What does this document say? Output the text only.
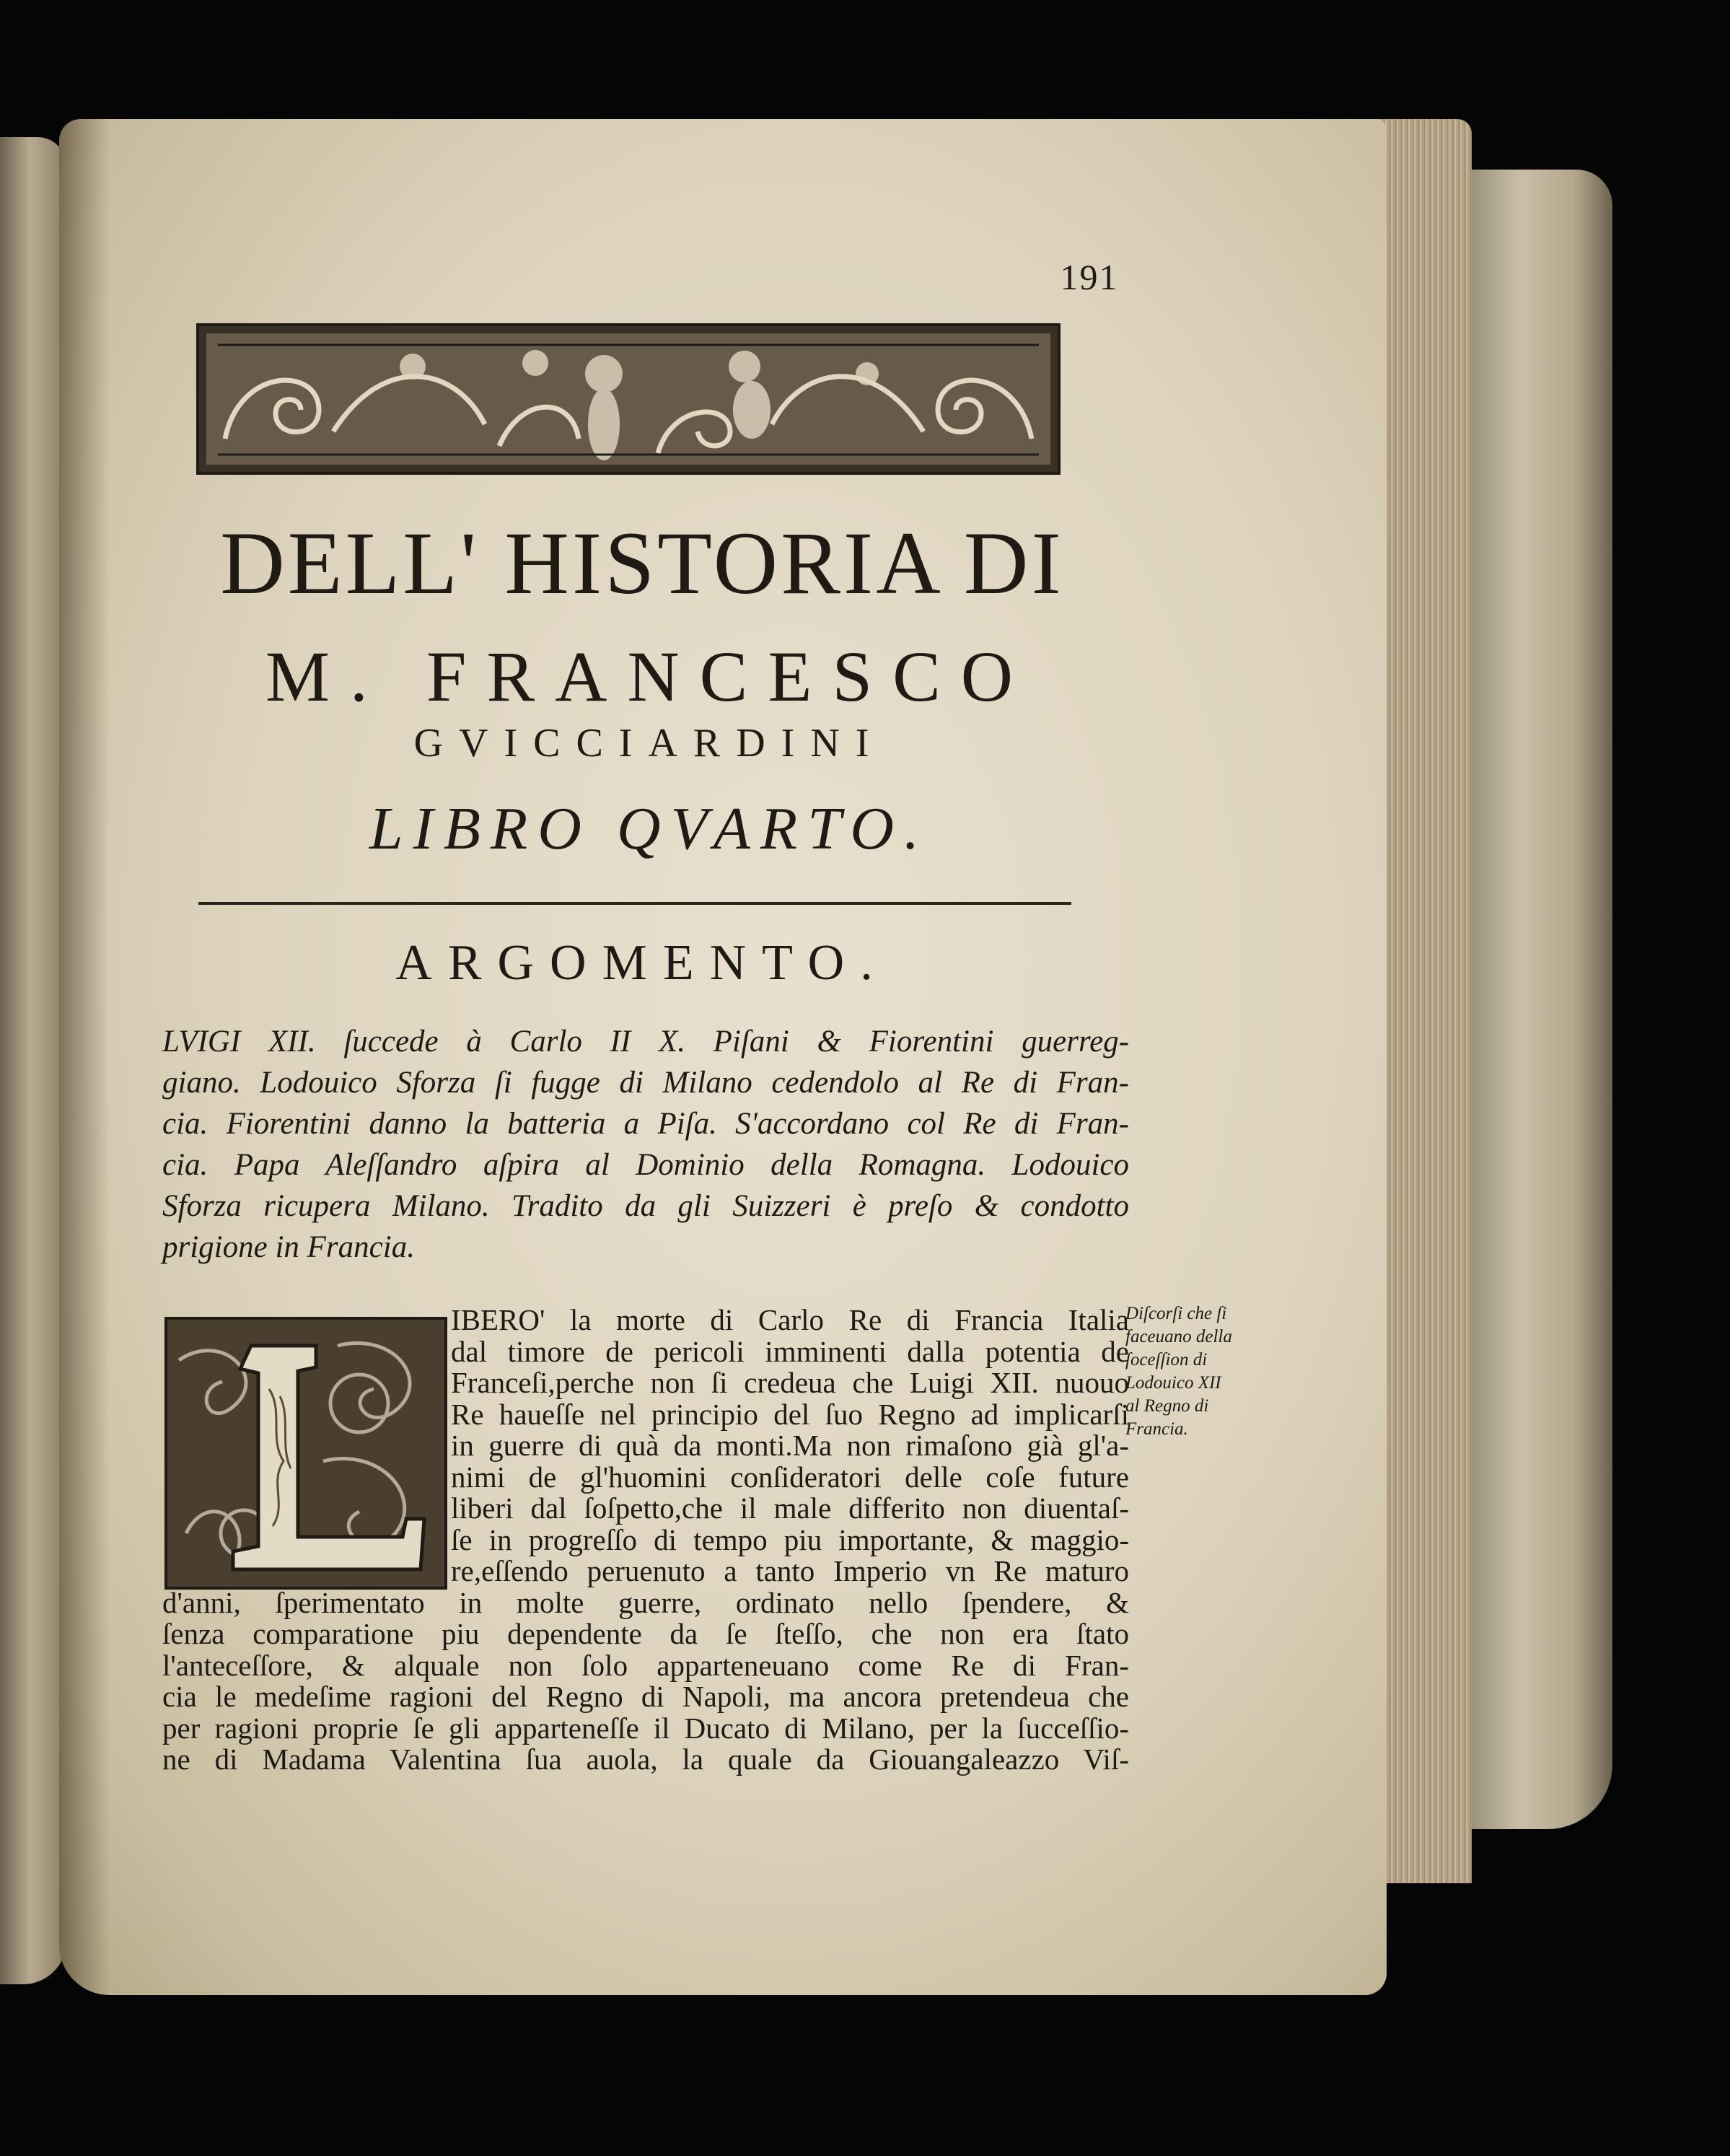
191
DELL' HISTORIA DI
M. FRANCESCO
GVICCIARDINI
LIBRO QVARTO.
ARGOMENTO.
LVIGI XII. ſuccede à Carlo II X. Piſani & Fiorentini guerreg-
giano. Lodouico Sforza ſi fugge di Milano cedendolo al Re di Fran-
cia. Fiorentini danno la batteria a Piſa. S'accordano col Re di Fran-
cia. Papa Aleſſandro aſpira al Dominio della Romagna. Lodouico
Sforza ricupera Milano. Tradito da gli Suizzeri è preſo & condotto
prigione in Francia.
IBERO' la morte di Carlo Re di Francia Italia
dal timore de pericoli imminenti dalla potentia de
Franceſi,perche non ſi credeua che Luigi XII. nuouo
Re haueſſe nel principio del ſuo Regno ad implicarſi
in guerre di quà da monti.Ma non rimaſono già gl'a-
nimi de gl'huomini conſideratori delle coſe future
liberi dal ſoſpetto,che il male differito non diuentaſ-
ſe in progreſſo di tempo piu importante, & maggio-
re,eſſendo peruenuto a tanto Imperio vn Re maturo
d'anni, ſperimentato in molte guerre, ordinato nello ſpendere, &
ſenza comparatione piu dependente da ſe ſteſſo, che non era ſtato
l'anteceſſore, & alquale non ſolo apparteneuano come Re di Fran-
cia le medeſime ragioni del Regno di Napoli, ma ancora pretendeua che
per ragioni proprie ſe gli apparteneſſe il Ducato di Milano, per la ſucceſſio-
ne di Madama Valentina ſua auola, la quale da Giouangaleazzo Viſ-
Diſcorſi che ſi
faceuano della
ſoceſſion di
Lodouico XII
al Regno di
Francia.
